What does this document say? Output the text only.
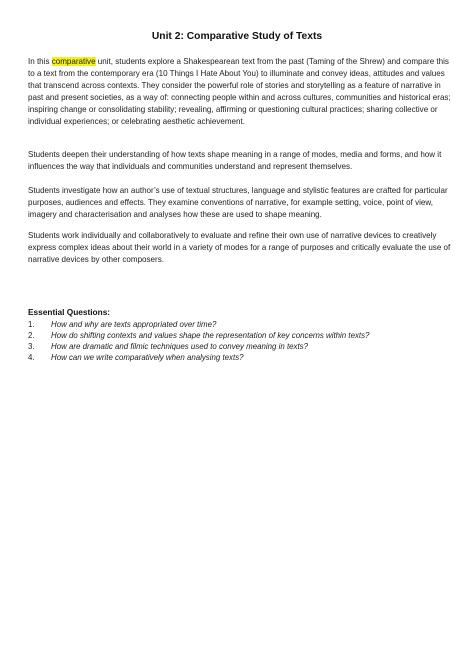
Unit 2: Comparative Study of Texts

In this comparative unit, students explore a Shakespearean text from the past (Taming of the Shrew) and compare this to a text from the contemporary era (10 Things I Hate About You) to illuminate and convey ideas, attitudes and values that transcend across contexts. They consider the powerful role of stories and storytelling as a feature of narrative in past and present societies, as a way of: connecting people within and across cultures, communities and historical eras; inspiring change or consolidating stability; revealing, affirming or questioning cultural practices; sharing collective or individual experiences; or celebrating aesthetic achievement.

Students deepen their understanding of how texts shape meaning in a range of modes, media and forms, and how it influences the way that individuals and communities understand and represent themselves.

Students investigate how an author’s use of textual structures, language and stylistic features are crafted for particular purposes, audiences and effects. They examine conventions of narrative, for example setting, voice, point of view, imagery and characterisation and analyses how these are used to shape meaning.

Students work individually and collaboratively to evaluate and refine their own use of narrative devices to creatively express complex ideas about their world in a variety of modes for a range of purposes and critically evaluate the use of narrative devices by other composers.

Essential Questions:
1. How and why are texts appropriated over time?
2. How do shifting contexts and values shape the representation of key concerns within texts?
3. How are dramatic and filmic techniques used to convey meaning in texts?
4. How can we write comparatively when analysing texts?
